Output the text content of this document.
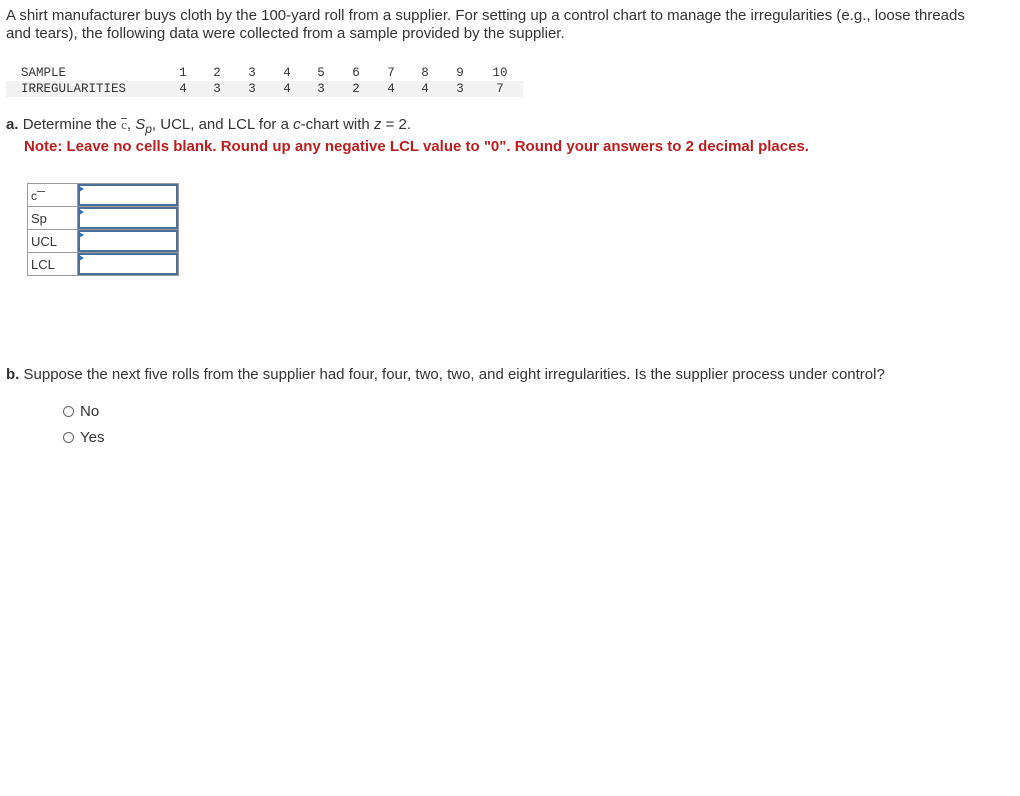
A shirt manufacturer buys cloth by the 100-yard roll from a supplier. For setting up a control chart to manage the irregularities (e.g., loose threads and tears), the following data were collected from a sample provided by the supplier.

SAMPLE	1	2	3	4	5	6	7	8	9	10
IRREGULARITIES	4	3	3	4	3	2	4	4	3	7
a. Determine the c, $S_p$, UCL, and LCL for a c-chart with z = 2.
Note: Leave no cells blank. Round up any negative LCL value to "0". Round your answers to 2 decimal places.
c	

Sp	

UCL	

LCL	
b. Suppose the next five rolls from the supplier had four, four, two, two, and eight irregularities. Is the supplier process under control?
No
Yes
